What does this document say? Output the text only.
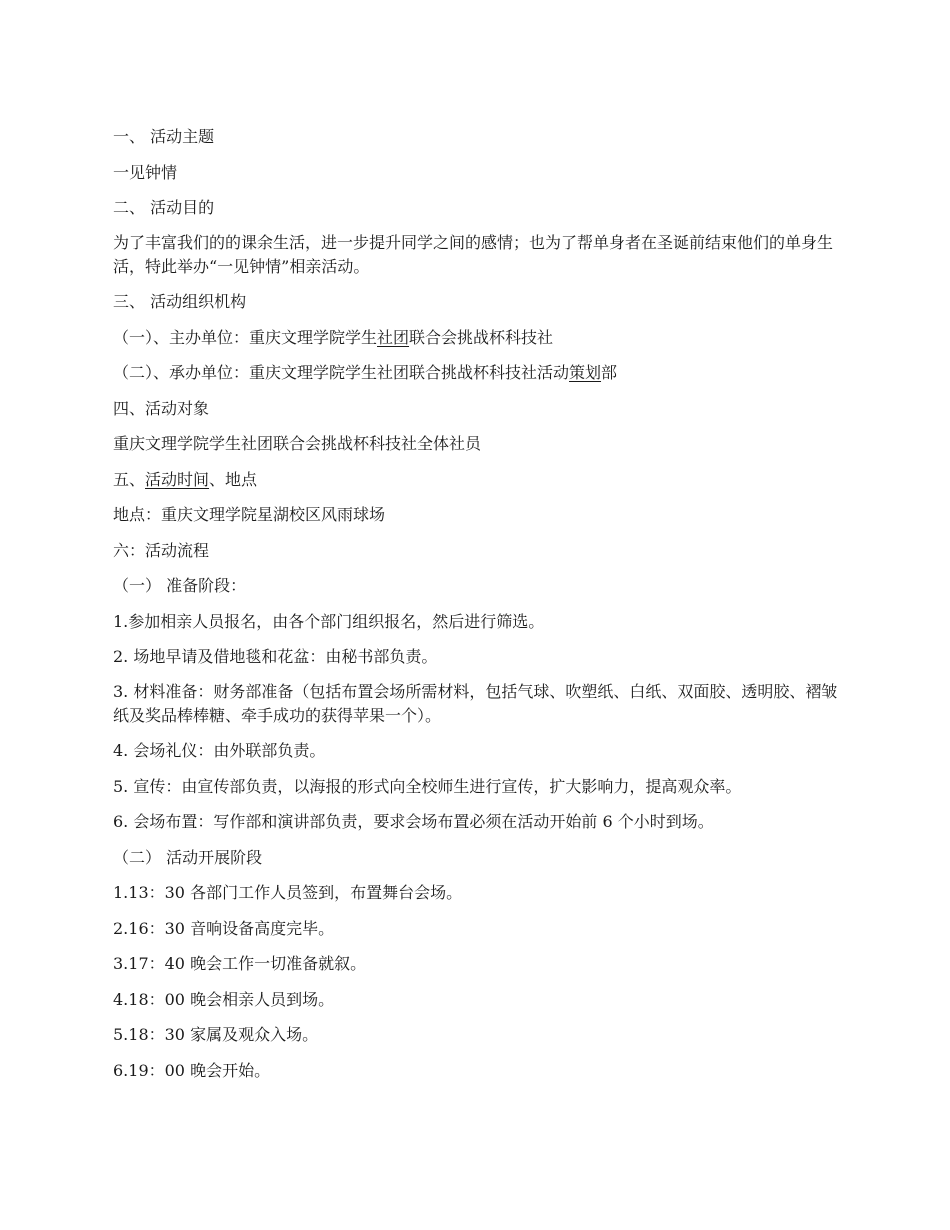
一、 活动主题
一见钟情
二、 活动目的
为了丰富我们的的课余生活，进一步提升同学之间的感情；也为了帮单身者在圣诞前结束他们的单身生活，特此举办“一见钟情”相亲活动。
三、 活动组织机构
（一）、主办单位：重庆文理学院学生社团联合会挑战杯科技社
（二）、承办单位：重庆文理学院学生社团联合挑战杯科技社活动策划部
四、活动对象
重庆文理学院学生社团联合会挑战杯科技社全体社员
五、活动时间、地点
地点：重庆文理学院星湖校区风雨球场
六：活动流程
（一） 准备阶段：
1.参加相亲人员报名，由各个部门组织报名，然后进行筛选。
2. 场地早请及借地毯和花盆：由秘书部负责。
3. 材料准备：财务部准备（包括布置会场所需材料，包括气球、吹塑纸、白纸、双面胶、透明胶、褶皱纸及奖品棒棒糖、牵手成功的获得苹果一个）。
4. 会场礼仪：由外联部负责。
5. 宣传：由宣传部负责，以海报的形式向全校师生进行宣传，扩大影响力，提高观众率。
6. 会场布置：写作部和演讲部负责，要求会场布置必须在活动开始前 6 个小时到场。
（二） 活动开展阶段
1.13：30 各部门工作人员签到，布置舞台会场。
2.16：30 音响设备高度完毕。
3.17：40 晚会工作一切准备就叙。
4.18：00 晚会相亲人员到场。
5.18：30 家属及观众入场。
6.19：00 晚会开始。
